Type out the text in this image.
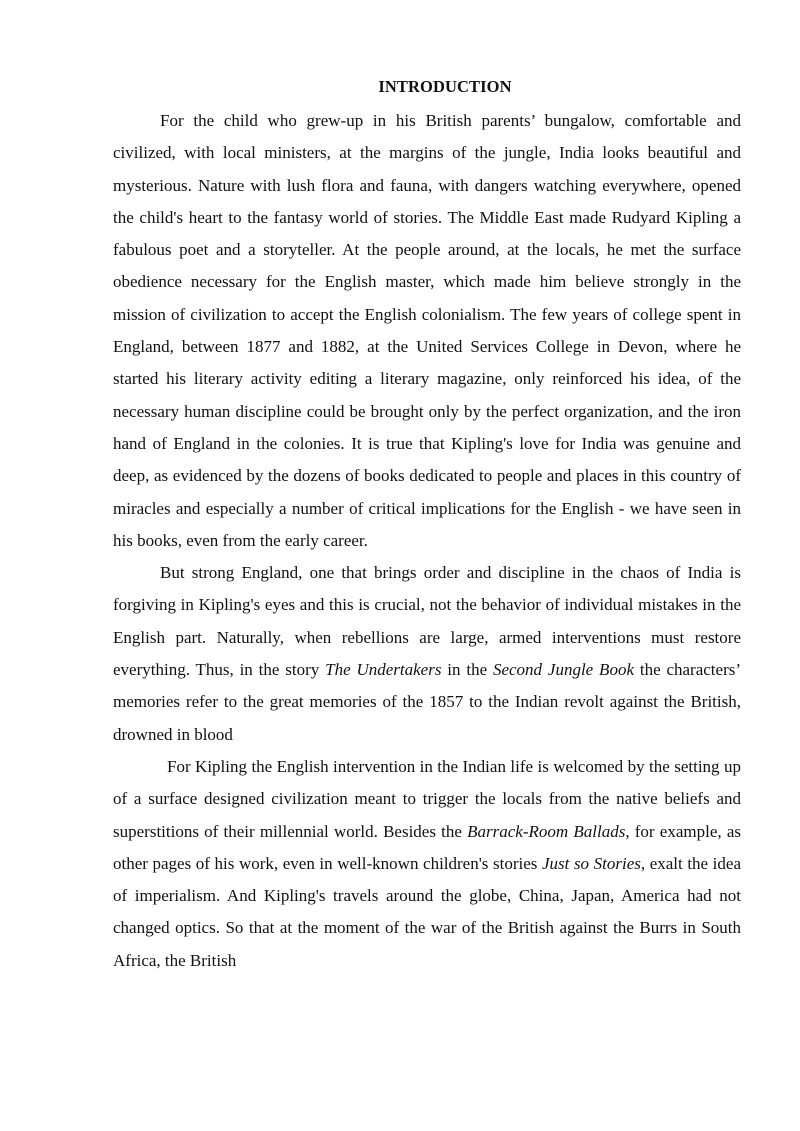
INTRODUCTION

For the child who grew-up in his British parents’ bungalow, comfortable and civilized, with local ministers, at the margins of the jungle, India looks beautiful and mysterious. Nature with lush flora and fauna, with dangers watching everywhere, opened the child's heart to the fantasy world of stories. The Middle East made Rudyard Kipling a fabulous poet and a storyteller. At the people around, at the locals, he met the surface obedience necessary for the English master, which made him believe strongly in the mission of civilization to accept the English colonialism. The few years of college spent in England, between 1877 and 1882, at the United Services College in Devon, where he started his literary activity editing a literary magazine, only reinforced his idea, of the necessary human discipline could be brought only by the perfect organization, and the iron hand of England in the colonies. It is true that Kipling's love for India was genuine and deep, as evidenced by the dozens of books dedicated to people and places in this country of miracles and especially a number of critical implications for the English - we have seen in his books, even from the early career.

But strong England, one that brings order and discipline in the chaos of India is forgiving in Kipling's eyes and this is crucial, not the behavior of individual mistakes in the English part. Naturally, when rebellions are large, armed interventions must restore everything. Thus, in the story The Undertakers in the Second Jungle Book the characters’ memories refer to the great memories of the 1857 to the Indian revolt against the British, drowned in blood

For Kipling the English intervention in the Indian life is welcomed by the setting up of a surface designed civilization meant to trigger the locals from the native beliefs and superstitions of their millennial world. Besides the Barrack-Room Ballads, for example, as other pages of his work, even in well-known children's stories Just so Stories, exalt the idea of imperialism. And Kipling's travels around the globe, China, Japan, America had not changed optics. So that at the moment of the war of the British against the Burrs in South Africa, the British
